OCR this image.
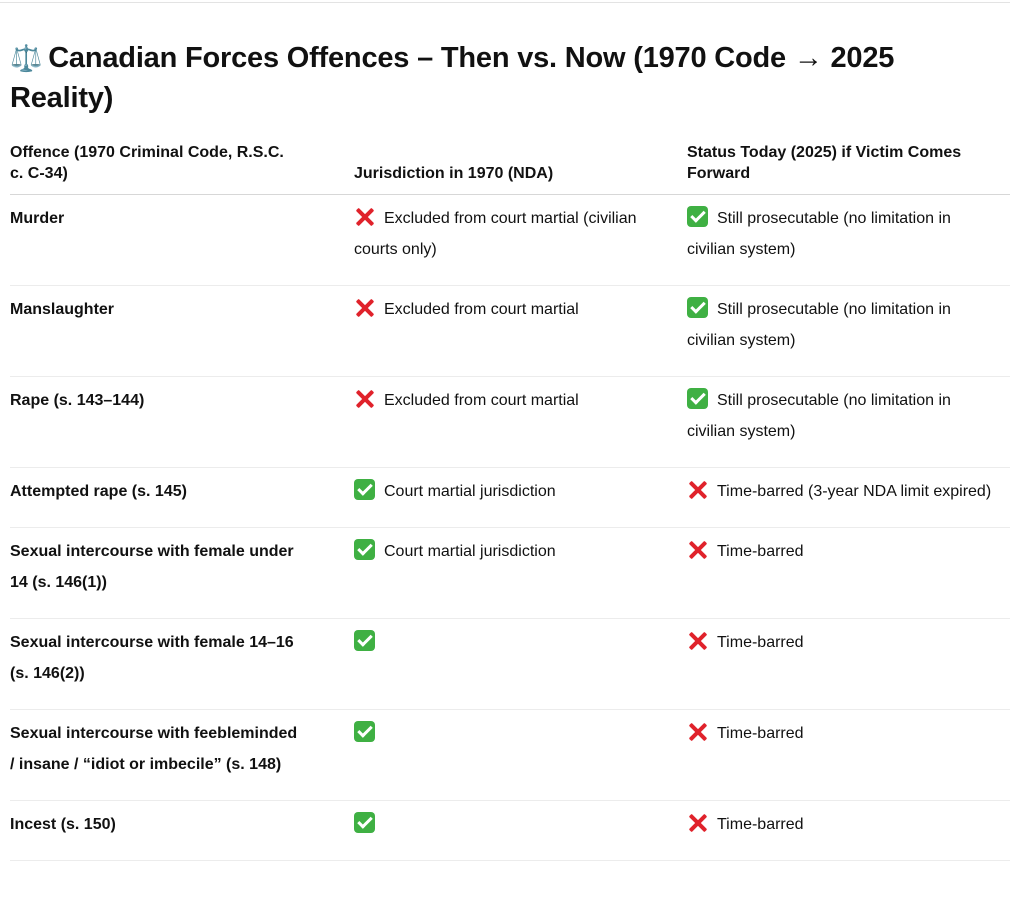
⚖️ Canadian Forces Offences – Then vs. Now (1970 Code → 2025 Reality)
Offence (1970 Criminal Code, R.S.C. c. C-34)	Jurisdiction in 1970 (NDA)	Status Today (2025) if Victim Comes Forward
Murder	Excluded from court martial (civilian courts only)	Still prosecutable (no limitation in civilian system)
Manslaughter	Excluded from court martial	Still prosecutable (no limitation in civilian system)
Rape (s. 143–144)	Excluded from court martial	Still prosecutable (no limitation in civilian system)
Attempted rape (s. 145)	Court martial jurisdiction	Time-barred (3-year NDA limit expired)
Sexual intercourse with female under 14 (s. 146(1))	Court martial jurisdiction	Time-barred
Sexual intercourse with female 14–16 (s. 146(2))		Time-barred
Sexual intercourse with feebleminded / insane / “idiot or imbecile” (s. 148)		Time-barred
Incest (s. 150)		Time-barred
